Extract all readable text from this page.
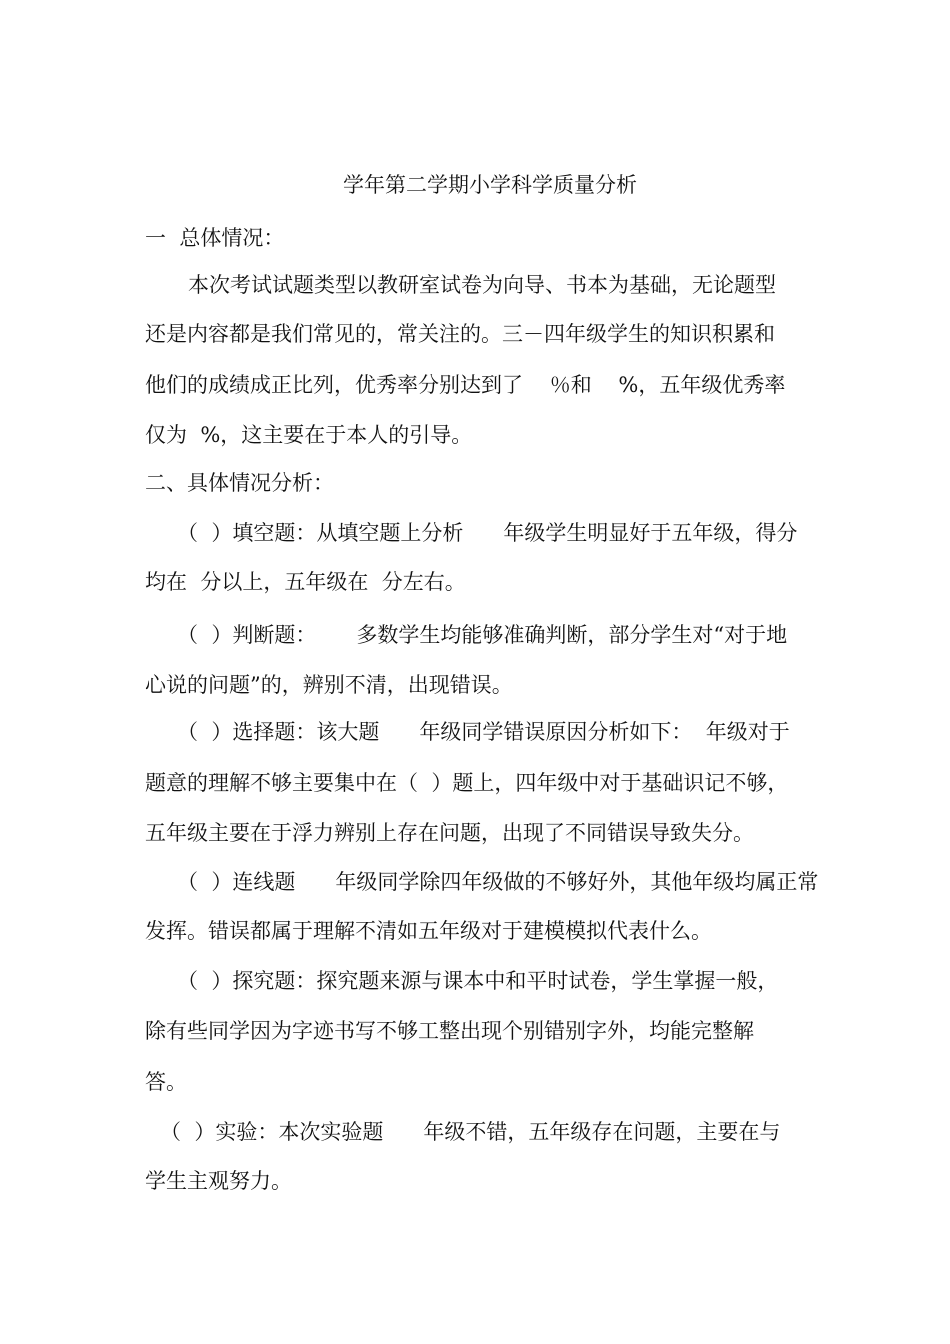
学年第二学期小学科学质量分析
一  总体情况：
本次考试试题类型以教研室试卷为向导、书本为基础，无论题型
还是内容都是我们常见的，常关注的。三－四年级学生的知识积累和
他们的成绩成正比列，优秀率分别达到了    ％和    %，五年级优秀率
仅为  %，这主要在于本人的引导。
二、具体情况分析：
（  ）填空题：从填空题上分析      年级学生明显好于五年级，得分
均在  分以上，五年级在  分左右。
（  ）判断题：      多数学生均能够准确判断，部分学生对“对于地
心说的问题”的，辨别不清，出现错误。
（  ）选择题：该大题      年级同学错误原因分析如下：  年级对于
题意的理解不够主要集中在（  ）题上，四年级中对于基础识记不够，
五年级主要在于浮力辨别上存在问题，出现了不同错误导致失分。
（  ）连线题      年级同学除四年级做的不够好外，其他年级均属正常
发挥。错误都属于理解不清如五年级对于建模模拟代表什么。
（  ）探究题：探究题来源与课本中和平时试卷，学生掌握一般，
除有些同学因为字迹书写不够工整出现个别错别字外，均能完整解
答。
（  ）实验：本次实验题      年级不错，五年级存在问题，主要在与
学生主观努力。
